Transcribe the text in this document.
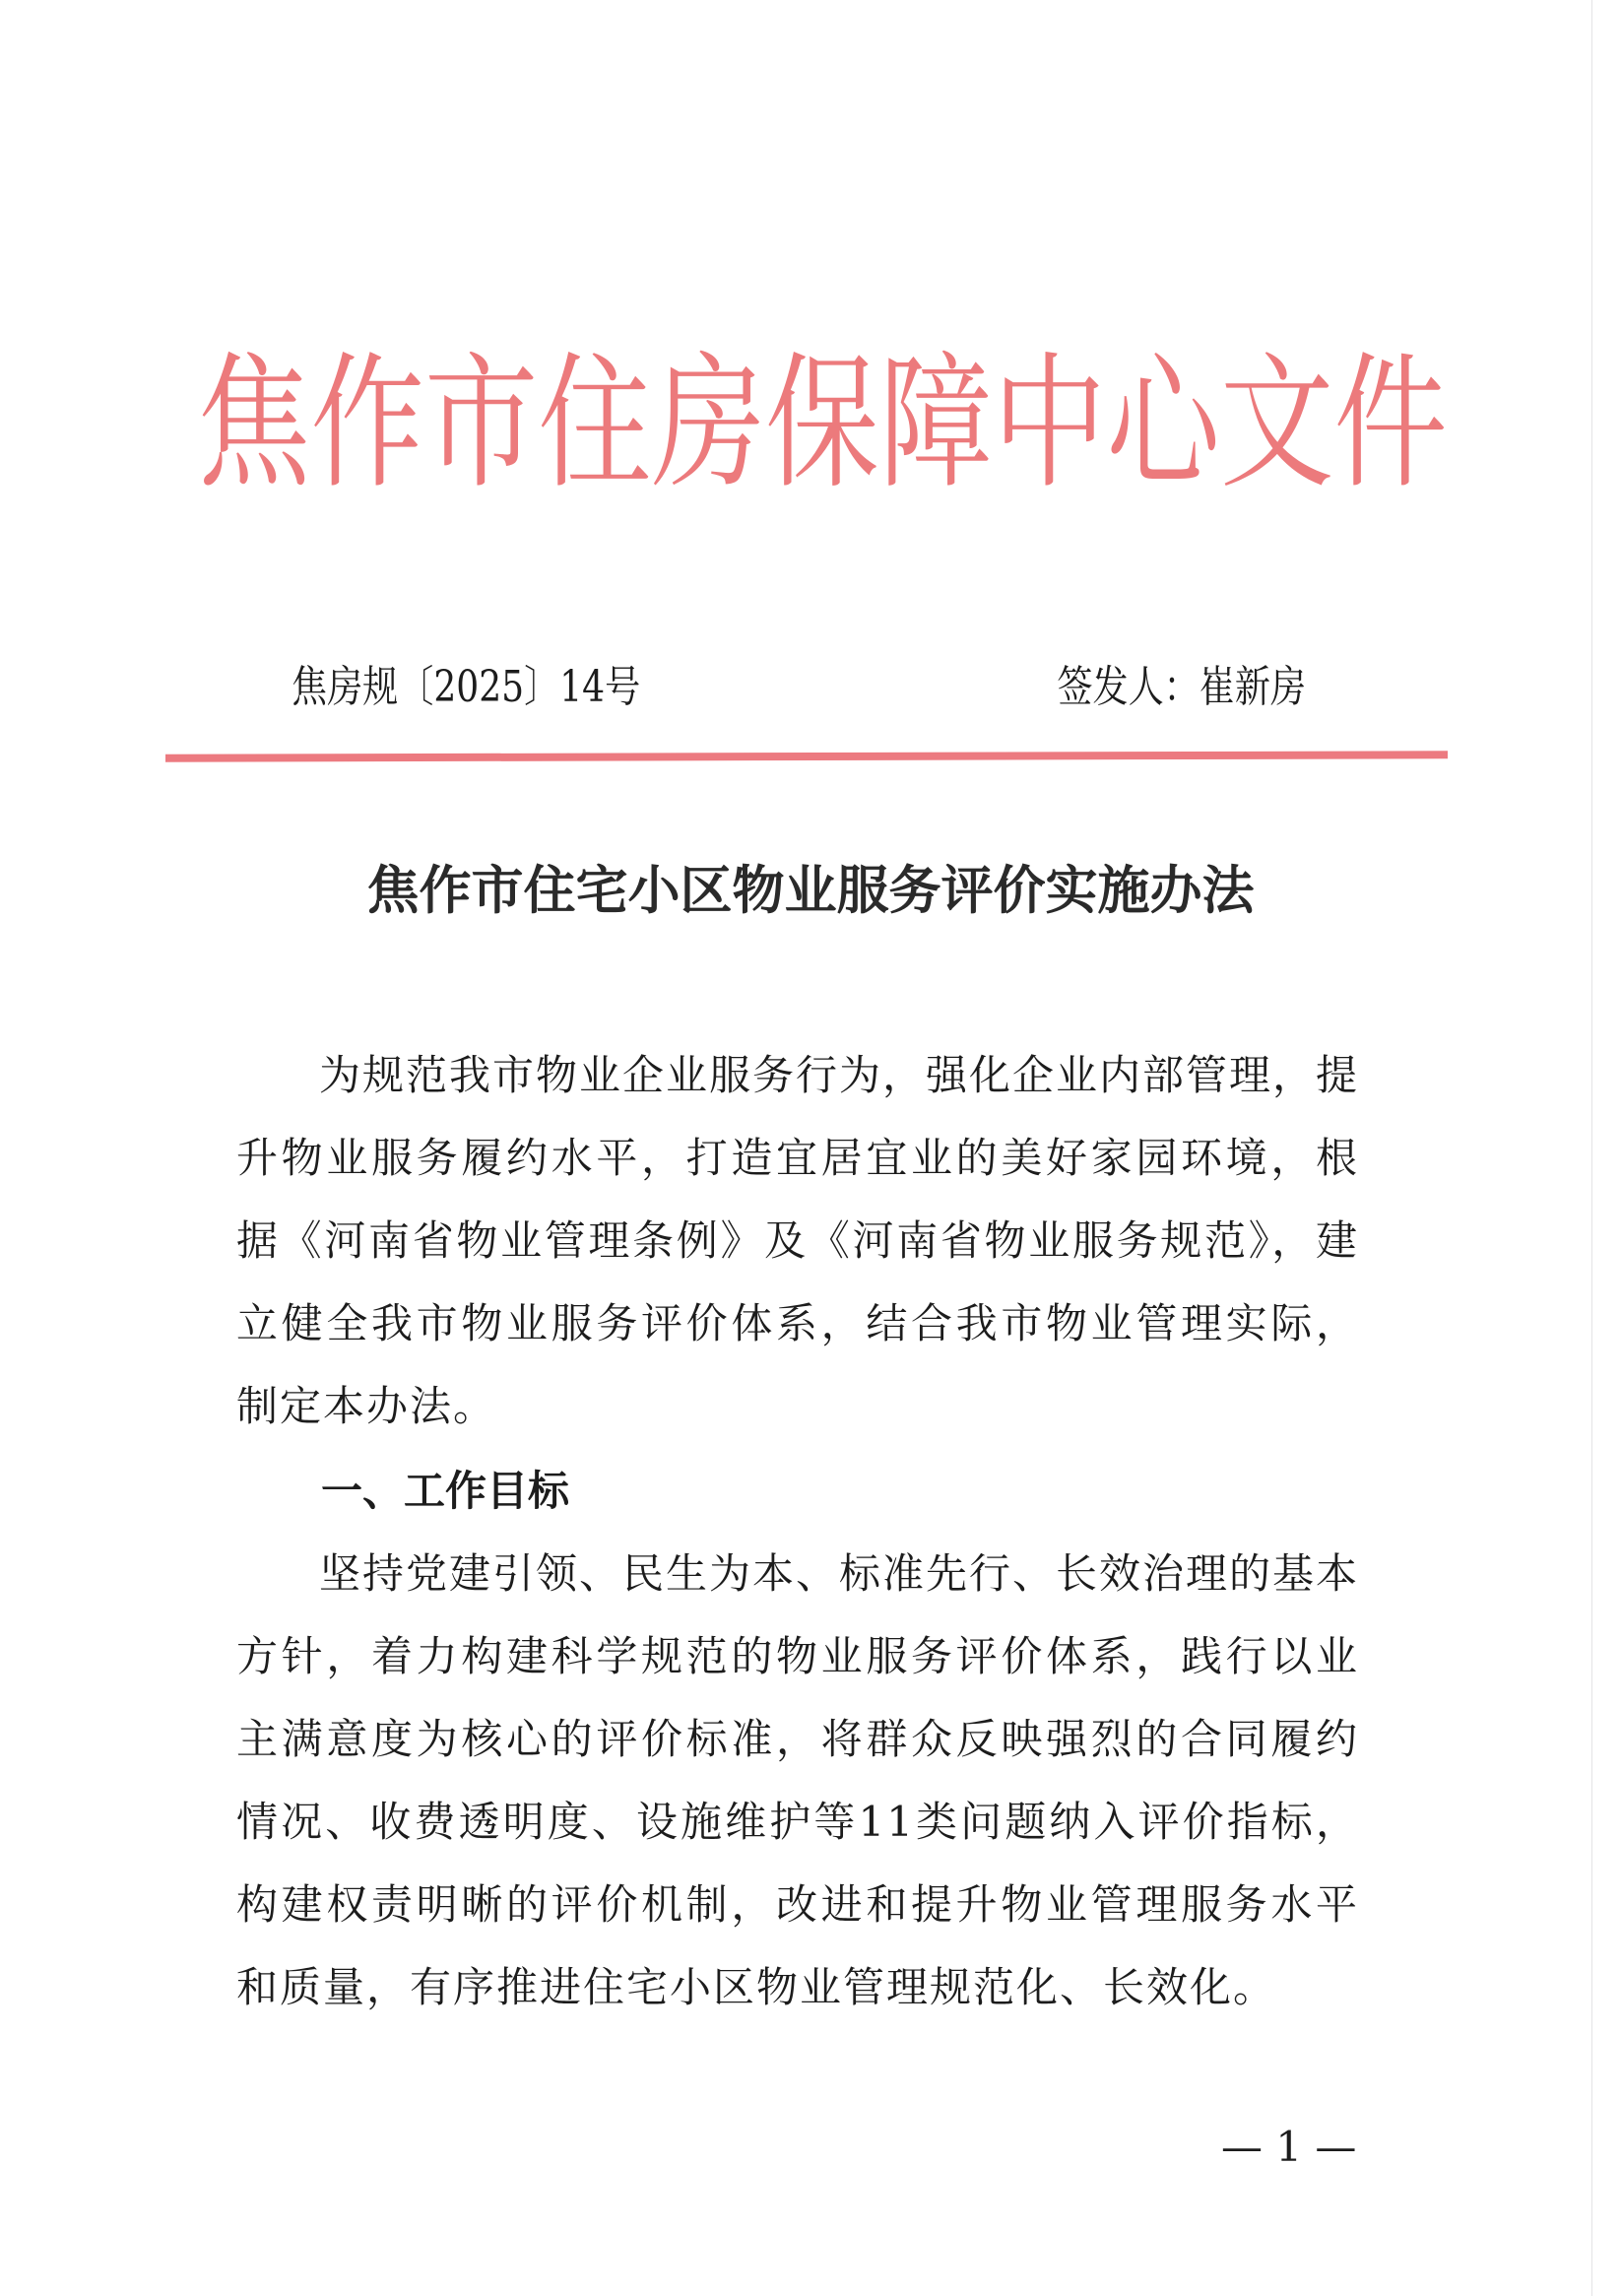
焦 作 市 住 房 保 障 中 心 文 件
焦房规〔2025〕14号	签发人：崔新房
焦作市住宅小区物业服务评价实施办法
为规范我市物业企业服务行为，强化企业内部管理，提升物业服务履约水平，打造宜居宜业的美好家园环境，根据《河南省物业管理条例》及《河南省物业服务规范》，建立健全我市物业服务评价体系，结合我市物业管理实际，制定本办法。
一、工作目标
坚持党建引领、民生为本、标准先行、长效治理的基本方针，着力构建科学规范的物业服务评价体系，践行以业主满意度为核心的评价标准，将群众反映强烈的合同履约情况、收费透明度、设施维护等11类问题纳入评价指标，构建权责明晰的评价机制，改进和提升物业管理服务水平和质量，有序推进住宅小区物业管理规范化、长效化。
— 1 —
